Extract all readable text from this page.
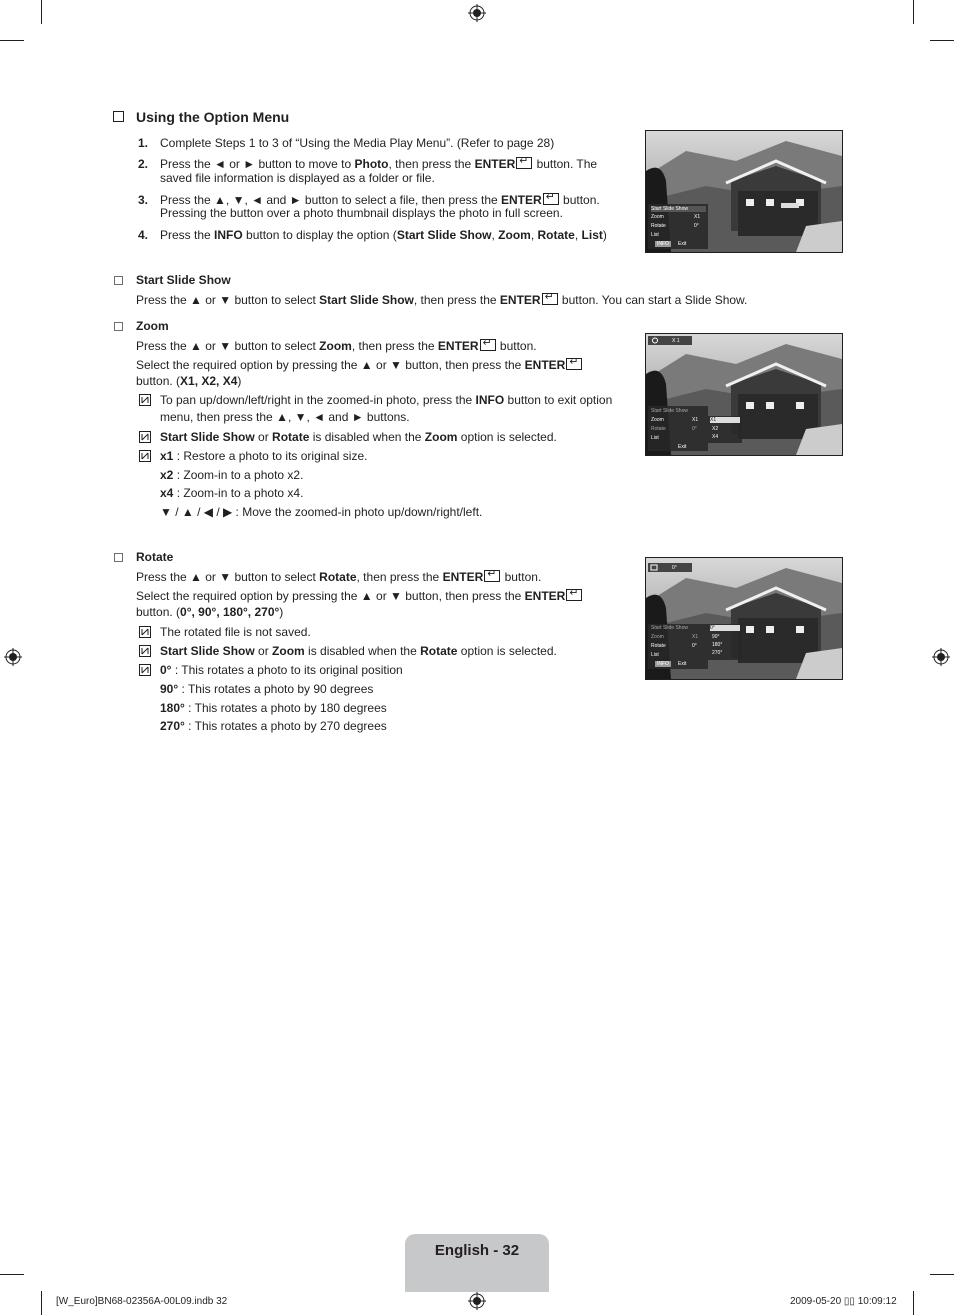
Using the Option Menu
1. Complete Steps 1 to 3 of “Using the Media Play Menu”. (Refer to page 28)
2. Press the ◄ or ► button to move to Photo, then press the ENTER↵ button. The
saved file information is displayed as a folder or file.
3. Press the ▲, ▼, ◄ and ► button to select a file, then press the ENTER↵ button.
Pressing the button over a photo thumbnail displays the photo in full screen.
4. Press the INFO button to display the option (Start Slide Show, Zoom, Rotate, List)
Start Slide Show
Press the ▲ or ▼ button to select Start Slide Show, then press the ENTER↵ button. You can start a Slide Show.
Zoom
Press the ▲ or ▼ button to select Zoom, then press the ENTER↵ button.
Select the required option by pressing the ▲ or ▼ button, then press the ENTER↵
button. (X1, X2, X4)
To pan up/down/left/right in the zoomed-in photo, press the INFO button to exit option
menu, then press the ▲, ▼, ◄ and ► buttons.
Start Slide Show or Rotate is disabled when the Zoom option is selected.
x1 : Restore a photo to its original size.
x2 : Zoom-in to a photo x2.
x4 : Zoom-in to a photo x4.
▼ / ▲ / ◀ / ▶ : Move the zoomed-in photo up/down/right/left.
Rotate
Press the ▲ or ▼ button to select Rotate, then press the ENTER↵ button.
Select the required option by pressing the ▲ or ▼ button, then press the ENTER↵
button. (0°, 90°, 180°, 270°)
The rotated file is not saved.
Start Slide Show or Zoom is disabled when the Rotate option is selected.
0° : This rotates a photo to its original position
90° : This rotates a photo by 90 degrees
180° : This rotates a photo by 180 degrees
270° : This rotates a photo by 270 degrees
Start Slide Show
Zoom	X1
Rotate	0°
List
INFO	Exit
X 1
Start Slide Show
Zoom	X1
Rotate	0°
List
X1
X2
X4
Exit
0°
Start Slide Show
Zoom	X1
Rotate	0°
List
0°
90°
180°
270°
INFO	Exit
English - 32
[W_Euro]BN68-02356A-00L09.indb 32	2009-05-20 ▯▯ 10:09:12
